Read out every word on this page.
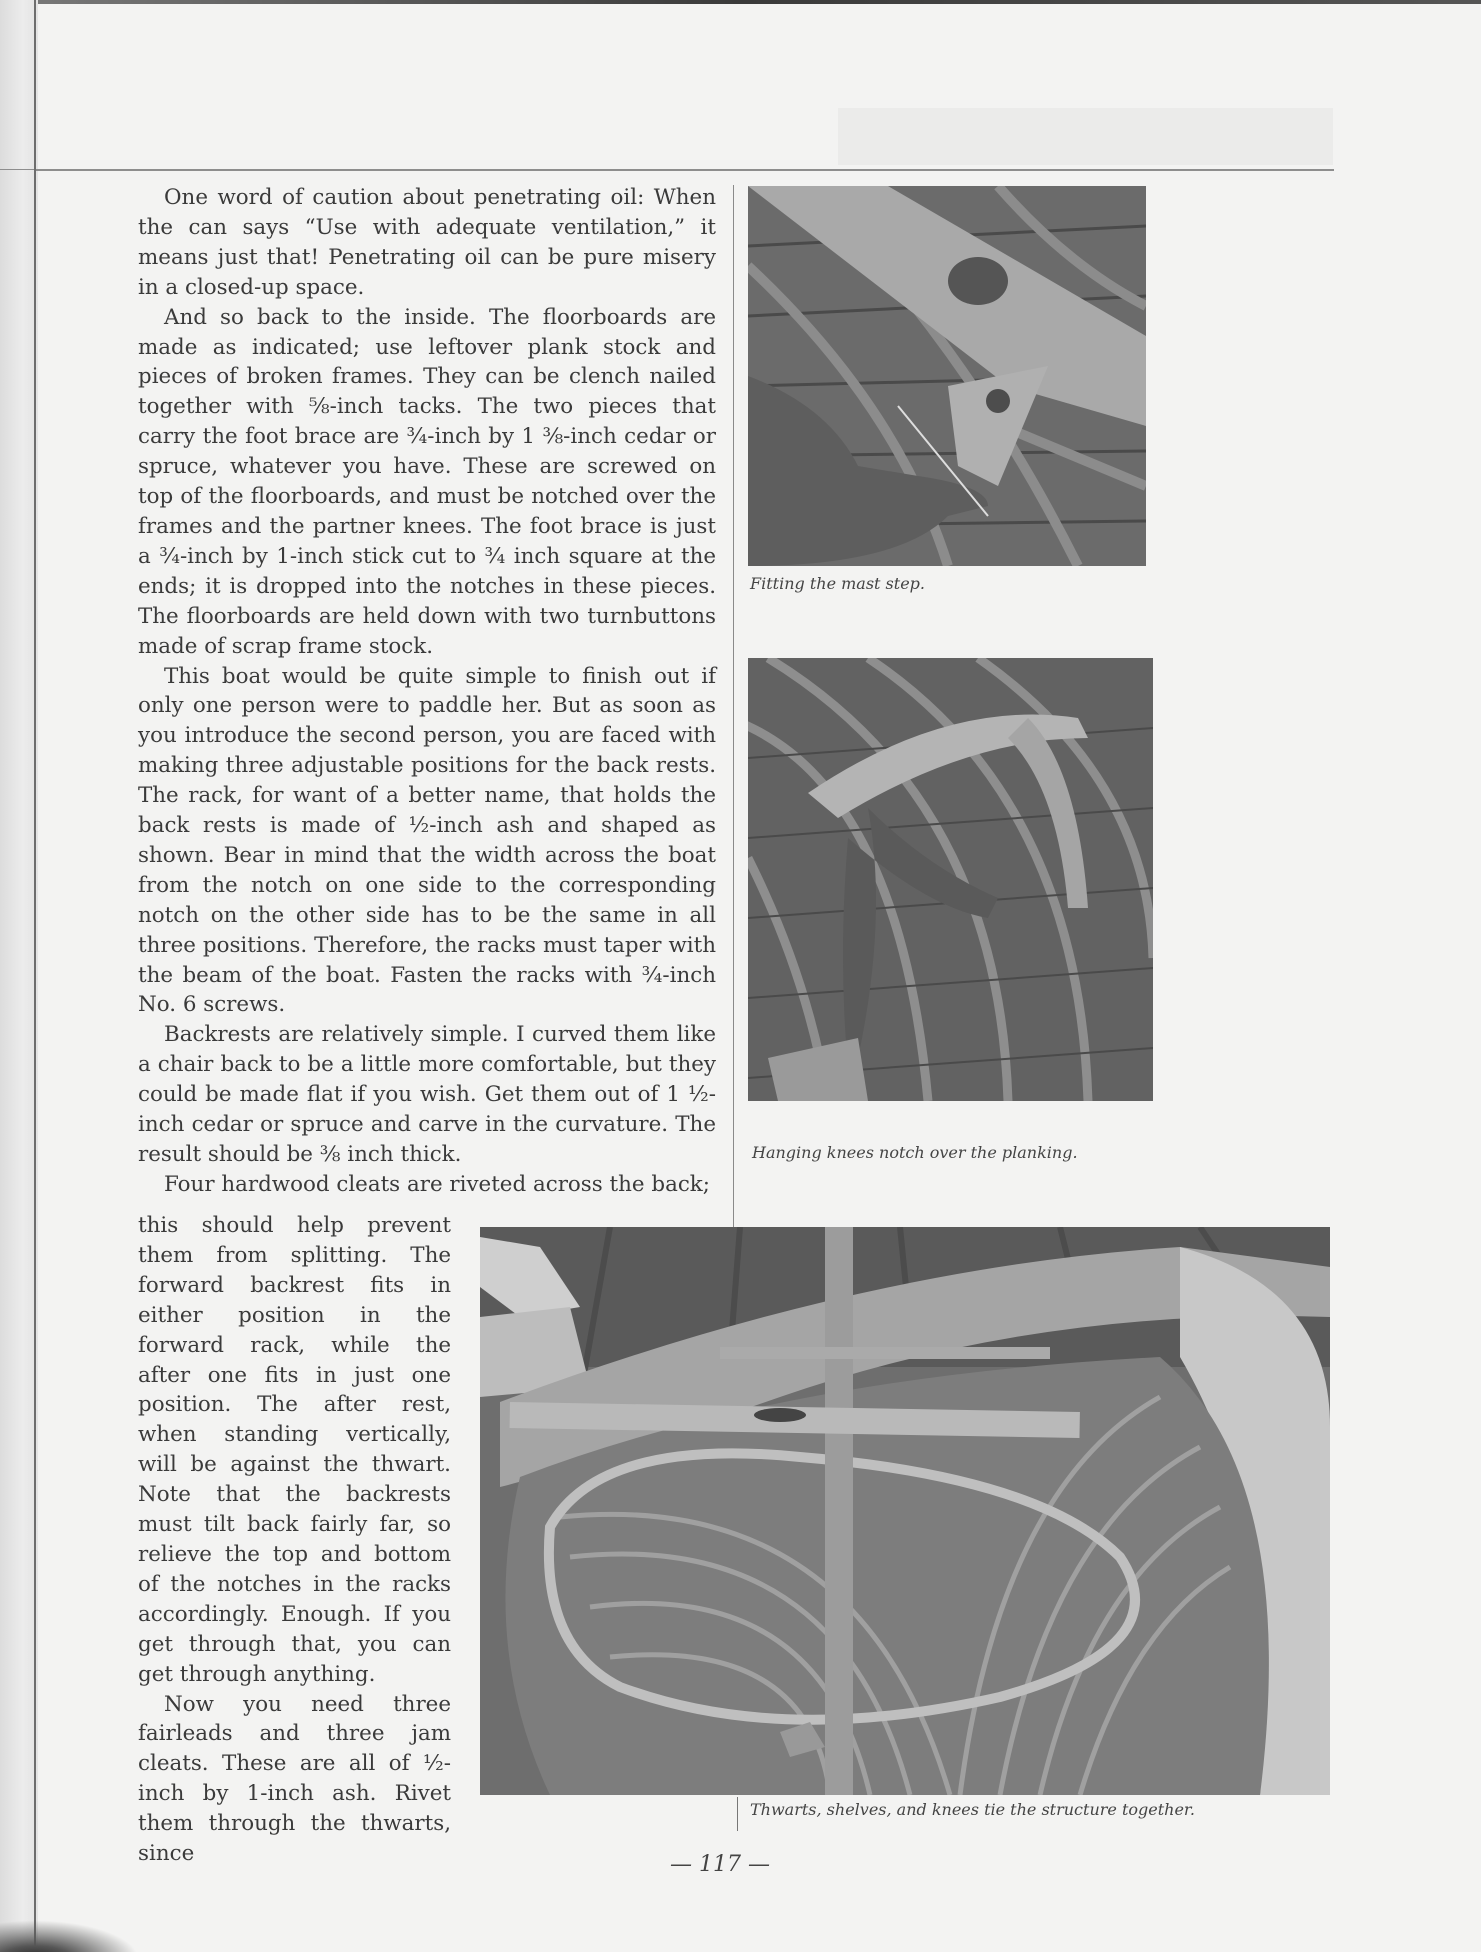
One word of caution about penetrating oil: When the can says “Use with adequate ventilation,” it means just that! Penetrating oil can be pure misery in a closed-up space.

And so back to the inside. The floorboards are made as indicated; use leftover plank stock and pieces of broken frames. They can be clench nailed together with ⅝-inch tacks. The two pieces that carry the foot brace are ¾-inch by 1 ⅜-inch cedar or spruce, whatever you have. These are screwed on top of the floorboards, and must be notched over the frames and the partner knees. The foot brace is just a ¾-inch by 1-inch stick cut to ¾ inch square at the ends; it is dropped into the notches in these pieces. The floorboards are held down with two turnbuttons made of scrap frame stock.

This boat would be quite simple to finish out if only one person were to paddle her. But as soon as you introduce the second person, you are faced with making three adjustable positions for the back rests. The rack, for want of a better name, that holds the back rests is made of ½-inch ash and shaped as shown. Bear in mind that the width across the boat from the notch on one side to the corresponding notch on the other side has to be the same in all three positions. Therefore, the racks must taper with the beam of the boat. Fasten the racks with ¾-inch No. 6 screws.

Backrests are relatively simple. I curved them like a chair back to be a little more comfortable, but they could be made flat if you wish. Get them out of 1 ½-inch cedar or spruce and carve in the curvature. The result should be ⅜ inch thick.

Four hardwood cleats are riveted across the back;

this should help prevent them from splitting. The forward backrest fits in either position in the forward rack, while the after one fits in just one position. The after rest, when standing vertically, will be against the thwart. Note that the backrests must tilt back fairly far, so relieve the top and bottom of the notches in the racks accordingly. Enough. If you get through that, you can get through anything.

Now you need three fairleads and three jam cleats. These are all of ½-inch by 1-inch ash. Rivet them through the thwarts, since

Fitting the mast step.
Hanging knees notch over the planking.
Thwarts, shelves, and knees tie the structure together.
— 117 —
